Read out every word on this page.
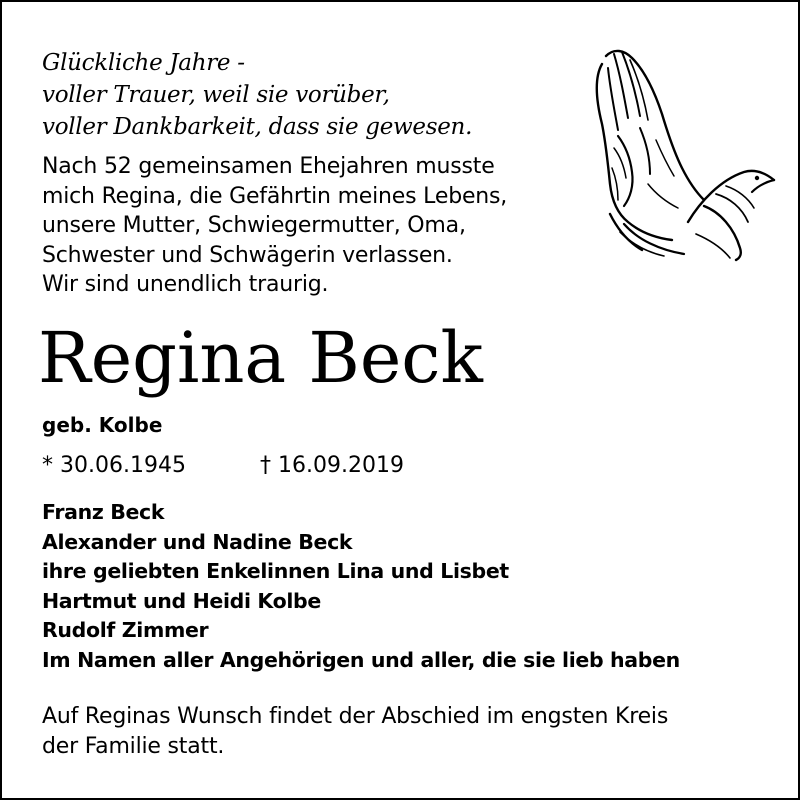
Glückliche Jahre -
voller Trauer, weil sie vorüber,
voller Dankbarkeit, dass sie gewesen.
Nach 52 gemeinsamen Ehejahren musste
mich Regina, die Gefährtin meines Lebens,
unsere Mutter, Schwiegermutter, Oma,
Schwester und Schwägerin verlassen.
Wir sind unendlich traurig.
Regina Beck
geb. Kolbe
* 30.06.1945	† 16.09.2019
Franz Beck
Alexander und Nadine Beck
ihre geliebten Enkelinnen Lina und Lisbet
Hartmut und Heidi Kolbe
Rudolf Zimmer
Im Namen aller Angehörigen und aller, die sie lieb haben
Auf Reginas Wunsch findet der Abschied im engsten Kreis
der Familie statt.
